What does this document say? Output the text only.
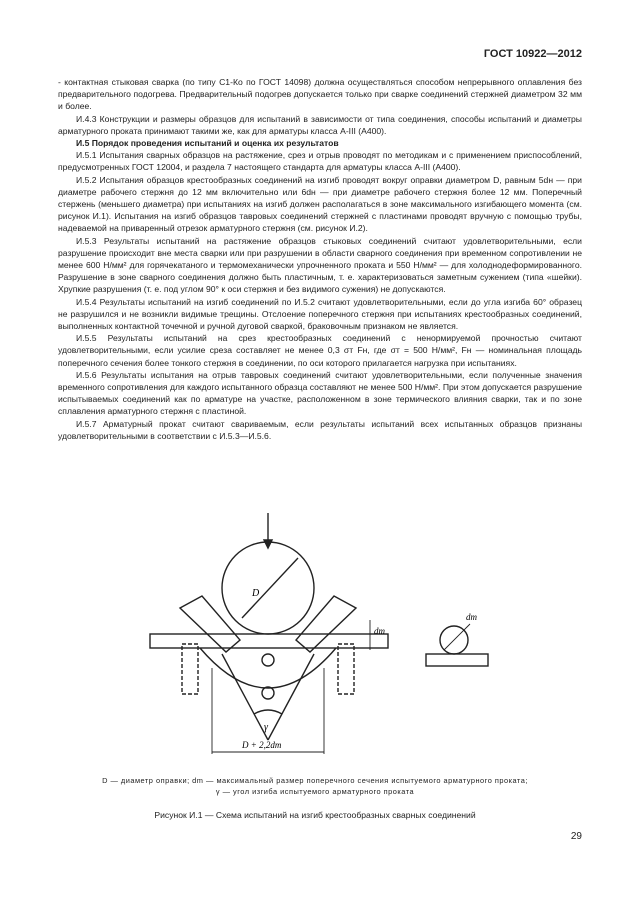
ГОСТ 10922—2012

- контактная стыковая сварка (по типу С1-Ко по ГОСТ 14098) должна осуществляться способом непрерывного оплавления без предварительного подогрева. Предварительный подогрев допускается только при сварке соединений стержней диаметром 32 мм и более.

И.4.3 Конструкции и размеры образцов для испытаний в зависимости от типа соединения, способы испытаний и диаметры арматурного проката принимают такими же, как для арматуры класса А-III (А400).

И.5 Порядок проведения испытаний и оценка их результатов

И.5.1 Испытания сварных образцов на растяжение, срез и отрыв проводят по методикам и с применением приспособлений, предусмотренных ГОСТ 12004, и раздела 7 настоящего стандарта для арматуры класса А-III (А400).

И.5.2 Испытания образцов крестообразных соединений на изгиб проводят вокруг оправки диаметром D, равным 5dн — при диаметре рабочего стержня до 12 мм включительно или 6dн — при диаметре рабочего стержня более 12 мм. Поперечный стержень (меньшего диаметра) при испытаниях на изгиб должен располагаться в зоне максимального изгибающего момента (см. рисунок И.1). Испытания на изгиб образцов тавровых соединений стержней с пластинами проводят вручную с помощью трубы, надеваемой на приваренный отрезок арматурного стержня (см. рисунок И.2).

И.5.3 Результаты испытаний на растяжение образцов стыковых соединений считают удовлетворительными, если разрушение происходит вне места сварки или при разрушении в области сварного соединения при временном сопротивлении не менее 600 Н/мм² для горячекатаного и термомеханически упрочненного проката и 550 Н/мм² — для холоднодеформированного. Разрушение в зоне сварного соединения должно быть пластичным, т. е. характеризоваться заметным сужением (типа «шейки). Хрупкие разрушения (т. е. под углом 90° к оси стержня и без видимого сужения) не допускаются.

И.5.4 Результаты испытаний на изгиб соединений по И.5.2 считают удовлетворительными, если до угла изгиба 60° образец не разрушился и не возникли видимые трещины. Отслоение поперечного стержня при испытаниях крестообразных соединений, выполненных контактной точечной и ручной дуговой сваркой, браковочным признаком не является.

И.5.5 Результаты испытаний на срез крестообразных соединений с ненормируемой прочностью считают удовлетворительными, если усилие среза составляет не менее 0,3 σт Fн, где σт = 500 Н/мм², Fн — номинальная площадь поперечного сечения более тонкого стержня в соединении, по оси которого прилагается нагрузка при испытаниях.

И.5.6 Результаты испытания на отрыв тавровых соединений считают удовлетворительными, если полученные значения временного сопротивления для каждого испытанного образца составляют не менее 500 Н/мм². При этом допускается разрушение испытываемых соединений как по арматуре на участке, расположенном в зоне термического влияния сварки, так и по зоне сплавления арматурного стержня с пластиной.

И.5.7 Арматурный прокат считают свариваемым, если результаты испытаний всех испытанных образцов признаны удовлетворительными в соответствии с И.5.3—И.5.6.

D
γ
dm
dm
D + 2,2dm
D — диаметр оправки; dm — максимальный размер поперечного сечения испытуемого арматурного проката;
γ — угол изгиба испытуемого арматурного проката
Рисунок И.1 — Схема испытаний на изгиб крестообразных сварных соединений
29
